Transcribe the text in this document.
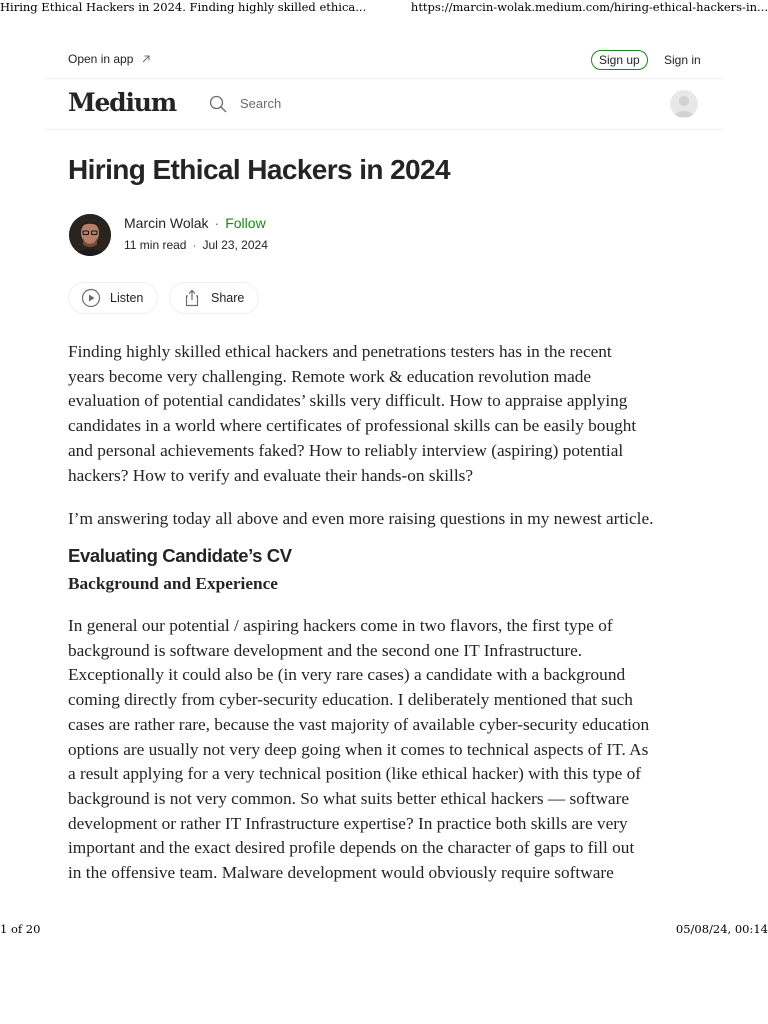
Hiring Ethical Hackers in 2024. Finding highly skilled ethica...	https://marcin-wolak.medium.com/hiring-ethical-hackers-in...
Open in app	Sign up	Sign in
Medium	Search
Hiring Ethical Hackers in 2024
Marcin Wolak · Follow
11 min read · Jul 23, 2024
Listen	Share
Finding highly skilled ethical hackers and penetrations testers has in the recent
years become very challenging. Remote work & education revolution made
evaluation of potential candidates’ skills very difficult. How to appraise applying
candidates in a world where certificates of professional skills can be easily bought
and personal achievements faked? How to reliably interview (aspiring) potential
hackers? How to verify and evaluate their hands-on skills?
I’m answering today all above and even more raising questions in my newest article.
Evaluating Candidate’s CV
Background and Experience
In general our potential / aspiring hackers come in two flavors, the first type of
background is software development and the second one IT Infrastructure.
Exceptionally it could also be (in very rare cases) a candidate with a background
coming directly from cyber-security education. I deliberately mentioned that such
cases are rather rare, because the vast majority of available cyber-security education
options are usually not very deep going when it comes to technical aspects of IT. As
a result applying for a very technical position (like ethical hacker) with this type of
background is not very common. So what suits better ethical hackers — software
development or rather IT Infrastructure expertise? In practice both skills are very
important and the exact desired profile depends on the character of gaps to fill out
in the offensive team. Malware development would obviously require software
1 of 20	05/08/24, 00:14
